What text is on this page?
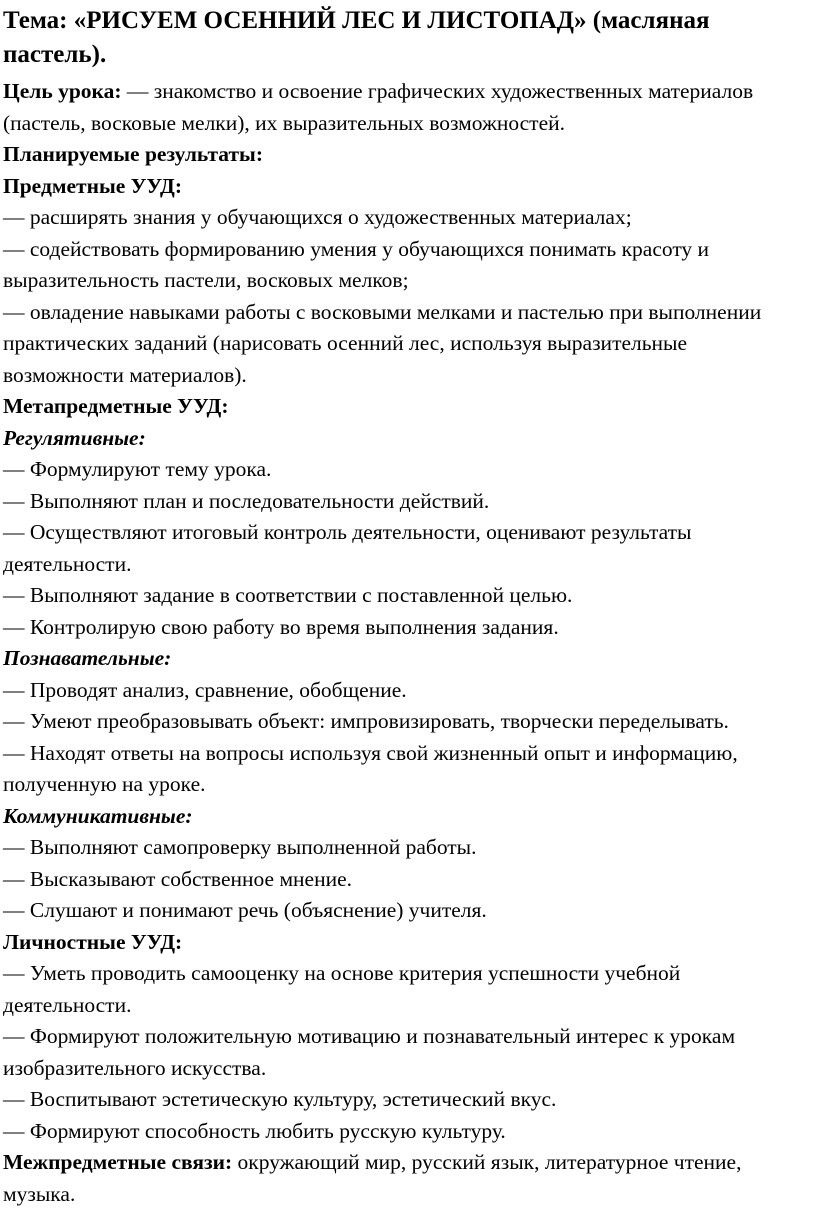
Тема: «РИСУЕМ ОСЕННИЙ ЛЕС И ЛИСТОПАД» (масляная пастель).

Цель урока: — знакомство и освоение графических художественных материалов (пастель, восковые мелки), их выразительных возможностей.

Планируемые результаты:

Предметные УУД:

— расширять знания у обучающихся о художественных материалах;

— содействовать формированию умения у обучающихся понимать красоту и выразительность пастели, восковых мелков;

— овладение навыками работы с восковыми мелками и пастелью при выполнении практических заданий (нарисовать осенний лес, используя выразительные возможности материалов).

Метапредметные УУД:

Регулятивные:

— Формулируют тему урока.

— Выполняют план и последовательности действий.

— Осуществляют итоговый контроль деятельности, оценивают результаты деятельности.

— Выполняют задание в соответствии с поставленной целью.

— Контролирую свою работу во время выполнения задания.

Познавательные:

— Проводят анализ, сравнение, обобщение.

— Умеют преобразовывать объект: импровизировать, творчески переделывать.

— Находят ответы на вопросы используя свой жизненный опыт и информацию, полученную на уроке.

Коммуникативные:

— Выполняют самопроверку выполненной работы.

— Высказывают собственное мнение.

— Слушают и понимают речь (объяснение) учителя.

Личностные УУД:

— Уметь проводить самооценку на основе критерия успешности учебной деятельности.

— Формируют положительную мотивацию и познавательный интерес к урокам изобразительного искусства.

— Воспитывают эстетическую культуру, эстетический вкус.

— Формируют способность любить русскую культуру.

Межпредметные связи: окружающий мир, русский язык, литературное чтение, музыка.
